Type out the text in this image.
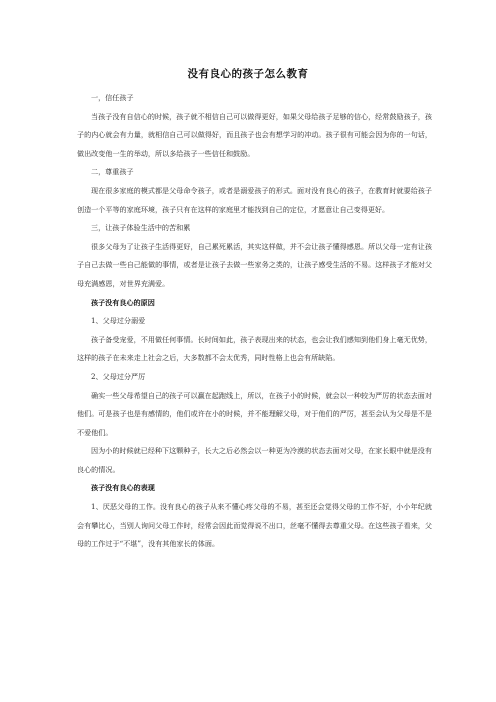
没有良心的孩子怎么教育

一，信任孩子

当孩子没有自信心的时候，孩子就不相信自己可以做得更好，如果父母给孩子足够的信心，经常鼓励孩子，孩子的内心就会有力量，就相信自己可以做得好，而且孩子也会有想学习的冲动。孩子很有可能会因为你的一句话，做出改变他一生的举动，所以多给孩子一些信任和鼓励。

二，尊重孩子

现在很多家庭的模式都是父母命令孩子，或者是溺爱孩子的形式。面对没有良心的孩子，在教育时就要给孩子创造一个平等的家庭环境，孩子只有在这样的家庭里才能找到自己的定位，才愿意让自己变得更好。

三，让孩子体验生活中的苦和累

很多父母为了让孩子生活得更好，自己累死累活，其实这样做，并不会让孩子懂得感恩。所以父母一定有让孩子自己去做一些自己能做的事情，或者是让孩子去做一些家务之类的，让孩子感受生活的不易。这样孩子才能对父母充满感恩，对世界充满爱。

孩子没有良心的原因

1、父母过分溺爱

孩子备受宠爱，不用做任何事情。长时间如此，孩子表现出来的状态，也会让我们感知到他们身上毫无优势，这样的孩子在未来走上社会之后，大多数都不会太优秀，同时性格上也会有所缺陷。

2、父母过分严厉

确实一些父母希望自己的孩子可以赢在起跑线上，所以，在孩子小的时候，就会以一种较为严厉的状态去面对他们。可是孩子也是有感情的，他们或许在小的时候，并不能理解父母，对于他们的严厉，甚至会认为父母是不是不爱他们。

因为小的时候就已经种下这颗种子，长大之后必然会以一种更为冷漠的状态去面对父母，在家长眼中就是没有良心的情况。

孩子没有良心的表现

1、厌恶父母的工作。没有良心的孩子从来不懂心疼父母的不易，甚至还会觉得父母的工作不好，小小年纪就会有攀比心，当别人询问父母工作时，经常会因此而觉得说不出口，丝毫不懂得去尊重父母。在这些孩子看来，父母的工作过于“不堪”，没有其他家长的体面。
